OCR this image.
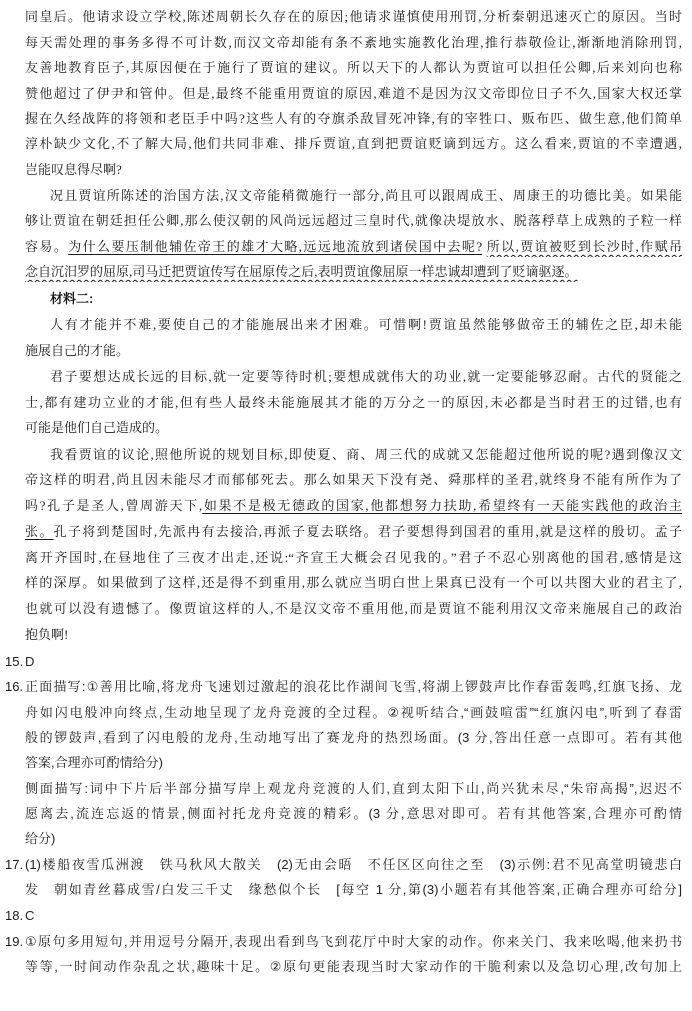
同皇后。他请求设立学校,陈述周朝长久存在的原因;他请求谨慎使用刑罚,分析秦朝迅速灭亡的原因。当时
每天需处理的事务多得不可计数,而汉文帝却能有条不紊地实施教化治理,推行恭敬俭让,渐渐地消除刑罚,
友善地教育臣子,其原因便在于施行了贾谊的建议。所以天下的人都认为贾谊可以担任公卿,后来刘向也称
赞他超过了伊尹和管仲。但是,最终不能重用贾谊的原因,难道不是因为汉文帝即位日子不久,国家大权还掌
握在久经战阵的将领和老臣手中吗?这些人有的夺旗杀敌冒死冲锋,有的宰牲口、贩布匹、做生意,他们简单
淳朴缺少文化,不了解大局,他们共同非难、排斥贾谊,直到把贾谊贬谪到远方。这么看来,贾谊的不幸遭遇,
岂能叹息得尽啊?
况且贾谊所陈述的治国方法,汉文帝能稍微施行一部分,尚且可以跟周成王、周康王的功德比美。如果能
够让贾谊在朝廷担任公卿,那么使汉朝的风尚远远超过三皇时代,就像决堤放水、脱落稃草上成熟的子粒一样
容易。为什么要压制他辅佐帝王的雄才大略,远远地流放到诸侯国中去呢? 所以,贾谊被贬到长沙时,作赋吊
念自沉汨罗的屈原,司马迁把贾谊传写在屈原传之后,表明贾谊像屈原一样忠诚却遭到了贬谪驱逐。
材料二:
人有才能并不难,要使自己的才能施展出来才困难。可惜啊!贾谊虽然能够做帝王的辅佐之臣,却未能
施展自己的才能。
君子要想达成长远的目标,就一定要等待时机;要想成就伟大的功业,就一定要能够忍耐。古代的贤能之
士,都有建功立业的才能,但有些人最终未能施展其才能的万分之一的原因,未必都是当时君王的过错,也有
可能是他们自己造成的。
我看贾谊的议论,照他所说的规划目标,即使夏、商、周三代的成就又怎能超过他所说的呢?遇到像汉文
帝这样的明君,尚且因未能尽才而郁郁死去。那么如果天下没有尧、舜那样的圣君,就终身不能有所作为了
吗?孔子是圣人,曾周游天下,如果不是极无德政的国家,他都想努力扶助,希望终有一天能实践他的政治主
张。孔子将到楚国时,先派冉有去接洽,再派子夏去联络。君子要想得到国君的重用,就是这样的殷切。孟子
离开齐国时,在昼地住了三夜才出走,还说:“齐宣王大概会召见我的。”君子不忍心别离他的国君,感情是这
样的深厚。如果做到了这样,还是得不到重用,那么就应当明白世上果真已没有一个可以共图大业的君主了,
也就可以没有遗憾了。像贾谊这样的人,不是汉文帝不重用他,而是贾谊不能利用汉文帝来施展自己的政治
抱负啊!
15. D
16. 正面描写:①善用比喻,将龙舟飞速划过激起的浪花比作湖间飞雪,将湖上锣鼓声比作春雷轰鸣,红旗飞扬、龙
舟如闪电般冲向终点,生动地呈现了龙舟竞渡的全过程。②视听结合,“画鼓喧雷”“红旗闪电”,听到了春雷
般的锣鼓声,看到了闪电般的龙舟,生动地写出了赛龙舟的热烈场面。(3 分,答出任意一点即可。若有其他
答案,合理亦可酌情给分)
侧面描写:词中下片后半部分描写岸上观龙舟竞渡的人们,直到太阳下山,尚兴犹未尽,“朱帘高揭”,迟迟不
愿离去,流连忘返的情景,侧面衬托龙舟竞渡的精彩。(3 分,意思对即可。若有其他答案,合理亦可酌情
给分)
17. (1)楼船夜雪瓜洲渡　铁马秋风大散关　(2)无由会晤　不任区区向往之至　(3)示例:君不见高堂明镜悲白
发　朝如青丝暮成雪/白发三千丈　缘愁似个长　[每空 1 分,第(3)小题若有其他答案,正确合理亦可给分]
18. C
19. ①原句多用短句,并用逗号分隔开,表现出看到鸟飞到花厅中时大家的动作。你来关门、我来吆喝,他来扔书
等等,一时间动作杂乱之状,趣味十足。②原句更能表现当时大家动作的干脆利索以及急切心理,改句加上
